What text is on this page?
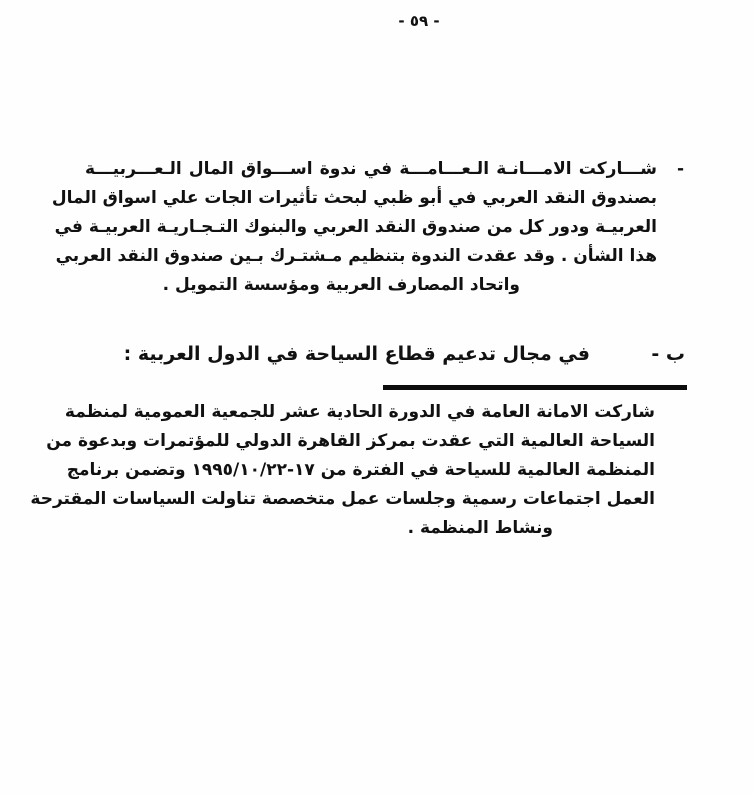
- ٥٩ -
-
شـــاركت الامـــانـة الـعـــامـــة في ندوة اســـواق المال الـعـــربيـــة
بصندوق النقد العربي في أبو ظبي لبحث تأثيرات الجات علي اسواق المال
العربيـة ودور كل من صندوق النقد العربي والبنوك التـجـاريـة العربيـة في
هذا الشأن . وقد عقدت الندوة بتنظيم مـشتـرك بـين صندوق النقد العربي
واتحاد المصارف العربية ومؤسسة التمويل .
ب -
في مجال تدعيم قطاع السياحة في الدول العربية :
شاركت الامانة العامة في الدورة الحادية عشر للجمعية العمومية لمنظمة
السياحة العالمية التي عقدت بمركز القاهرة الدولي للمؤتمرات وبدعوة من
المنظمة العالمية للسياحة في الفترة من ١٧-٢٢‏/‏١٠‏/‏١٩٩٥ وتضمن برنامج
العمل اجتماعات رسمية وجلسات عمل متخصصة تناولت السياسات المقترحة
ونشاط المنظمة .
